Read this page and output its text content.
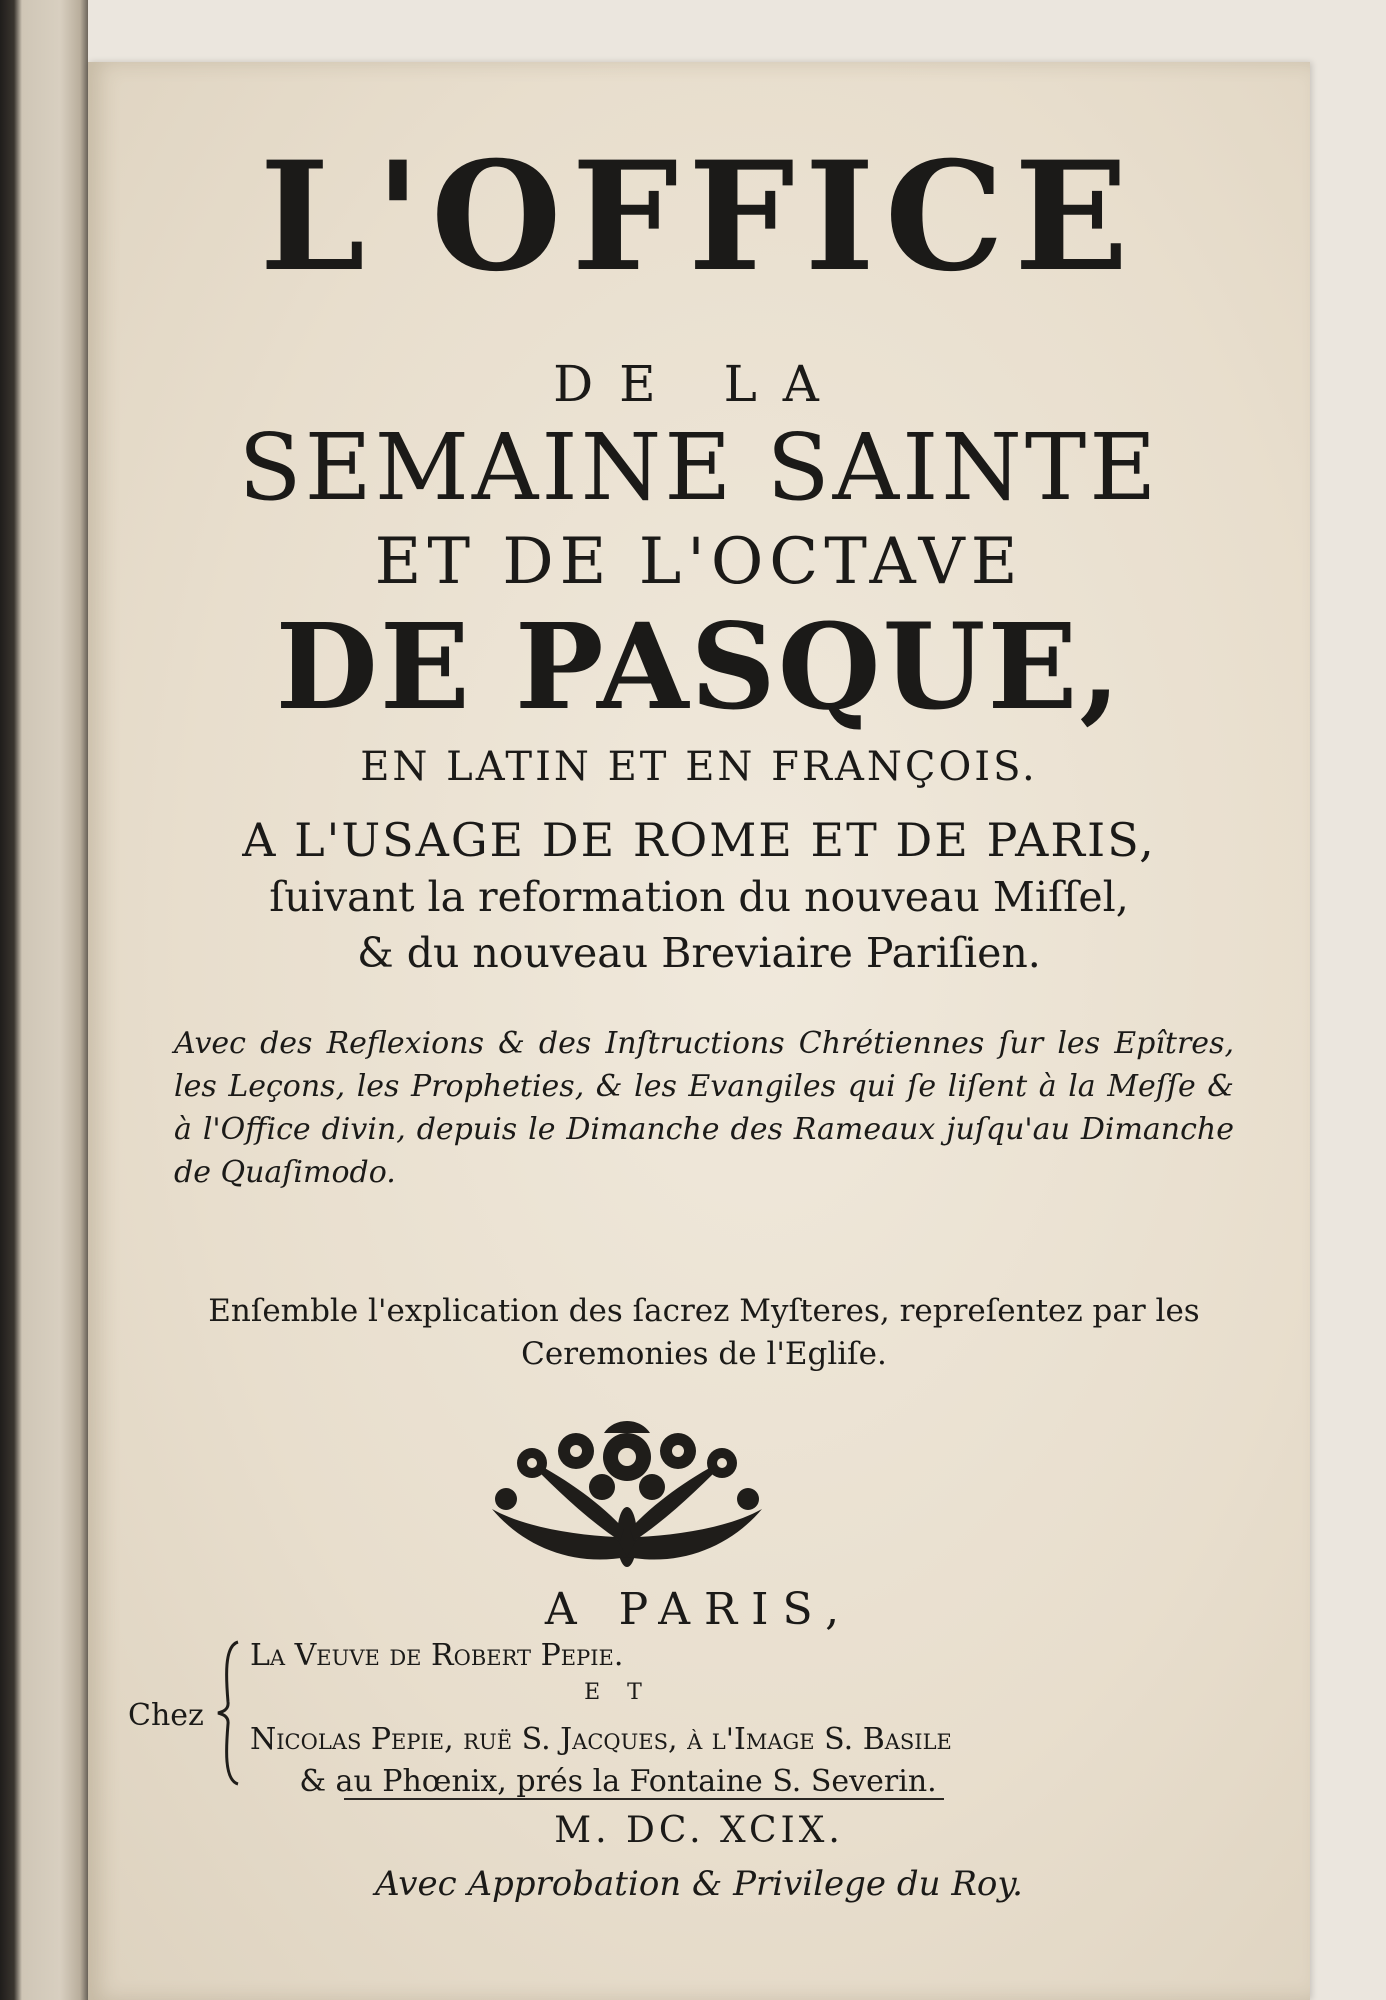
L'OFFICE
DE LA
SEMAINE SAINTE
ET DE L'OCTAVE
DE PASQUE,
EN LATIN ET EN FRANÇOIS.
A L'USAGE DE ROME ET DE PARIS,
ſuivant la reformation du nouveau Miſſel,
& du nouveau Breviaire Pariſien.
Avec des Reflexions & des Inſtructions Chrétiennes ſur les Epîtres, les Leçons, les Propheties, & les Evangiles qui ſe liſent à la Meſſe & à l'Office divin, depuis le Dimanche des Rameaux juſqu'au Dimanche de Quaſimodo.
Enſemble l'explication des ſacrez Myſteres, repreſentez par les Ceremonies de l'Egliſe.
A PARIS,
Chez
La Veuve de Robert Pepie.
E T
Nicolas Pepie, ruë S. Jacques, à l'Image S. Baſile
& au Phœnix, prés la Fontaine S. Severin.
M. DC. XCIX.
Avec Approbation & Privilege du Roy.
